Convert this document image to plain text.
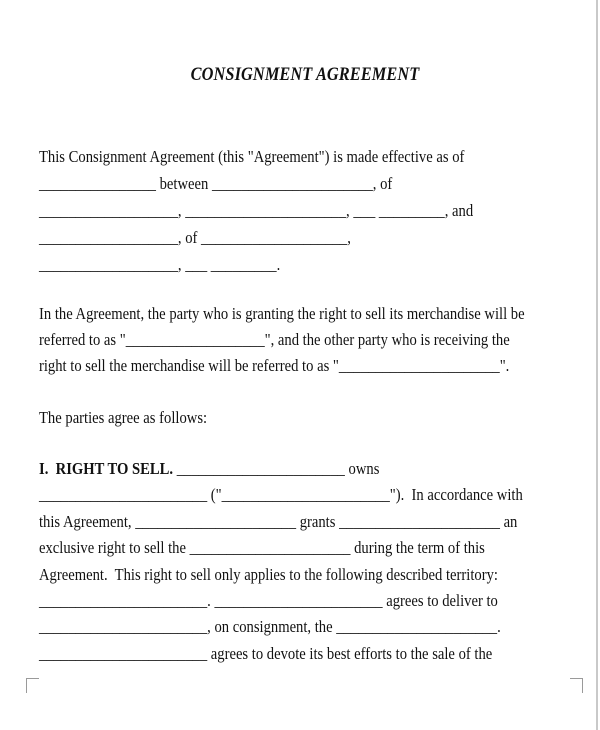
CONSIGNMENT AGREEMENT
This Consignment Agreement (this "Agreement") is made effective as of
________________ between ______________________, of
___________________, ______________________, ___ _________, and
___________________, of ____________________,
___________________, ___ _________.
In the Agreement, the party who is granting the right to sell its merchandise will be
referred to as "___________________", and the other party who is receiving the
right to sell the merchandise will be referred to as "______________________".
The parties agree as follows:
I.  RIGHT TO SELL. _______________________ owns
_______________________ ("_______________________").  In accordance with
this Agreement, ______________________ grants ______________________ an
exclusive right to sell the ______________________ during the term of this
Agreement.  This right to sell only applies to the following described territory:
_______________________. _______________________ agrees to deliver to
_______________________, on consignment, the ______________________.
_______________________ agrees to devote its best efforts to the sale of the
